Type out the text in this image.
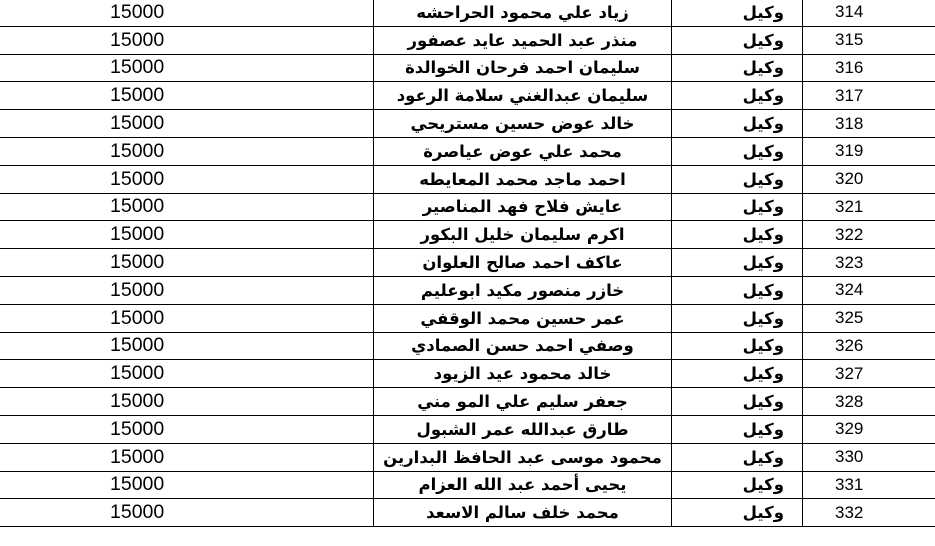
15000	زياد علي محمود الحراحشه	وكيل	314
15000	منذر عبد الحميد عايد عصفور	وكيل	315
15000	سليمان احمد فرحان الخوالدة	وكيل	316
15000	سليمان عبدالغني سلامة الرعود	وكيل	317
15000	خالد عوض حسين مستريحي	وكيل	318
15000	محمد علي عوض عياصرة	وكيل	319
15000	احمد ماجد محمد المعايطه	وكيل	320
15000	عايش فلاح فهد المناصير	وكيل	321
15000	اكرم سليمان خليل البكور	وكيل	322
15000	عاكف احمد صالح العلوان	وكيل	323
15000	خازر منصور مكيد ابوعليم	وكيل	324
15000	عمر حسين محمد الوقفي	وكيل	325
15000	وصفي احمد حسن الصمادي	وكيل	326
15000	خالد محمود عيد الزيود	وكيل	327
15000	جعفر سليم علي المو مني	وكيل	328
15000	طارق عبدالله عمر الشبول	وكيل	329
15000	محمود موسى عبد الحافظ البدارين	وكيل	330
15000	يحيى أحمد عبد الله العزام	وكيل	331
15000	محمد خلف سالم الاسعد	وكيل	332
